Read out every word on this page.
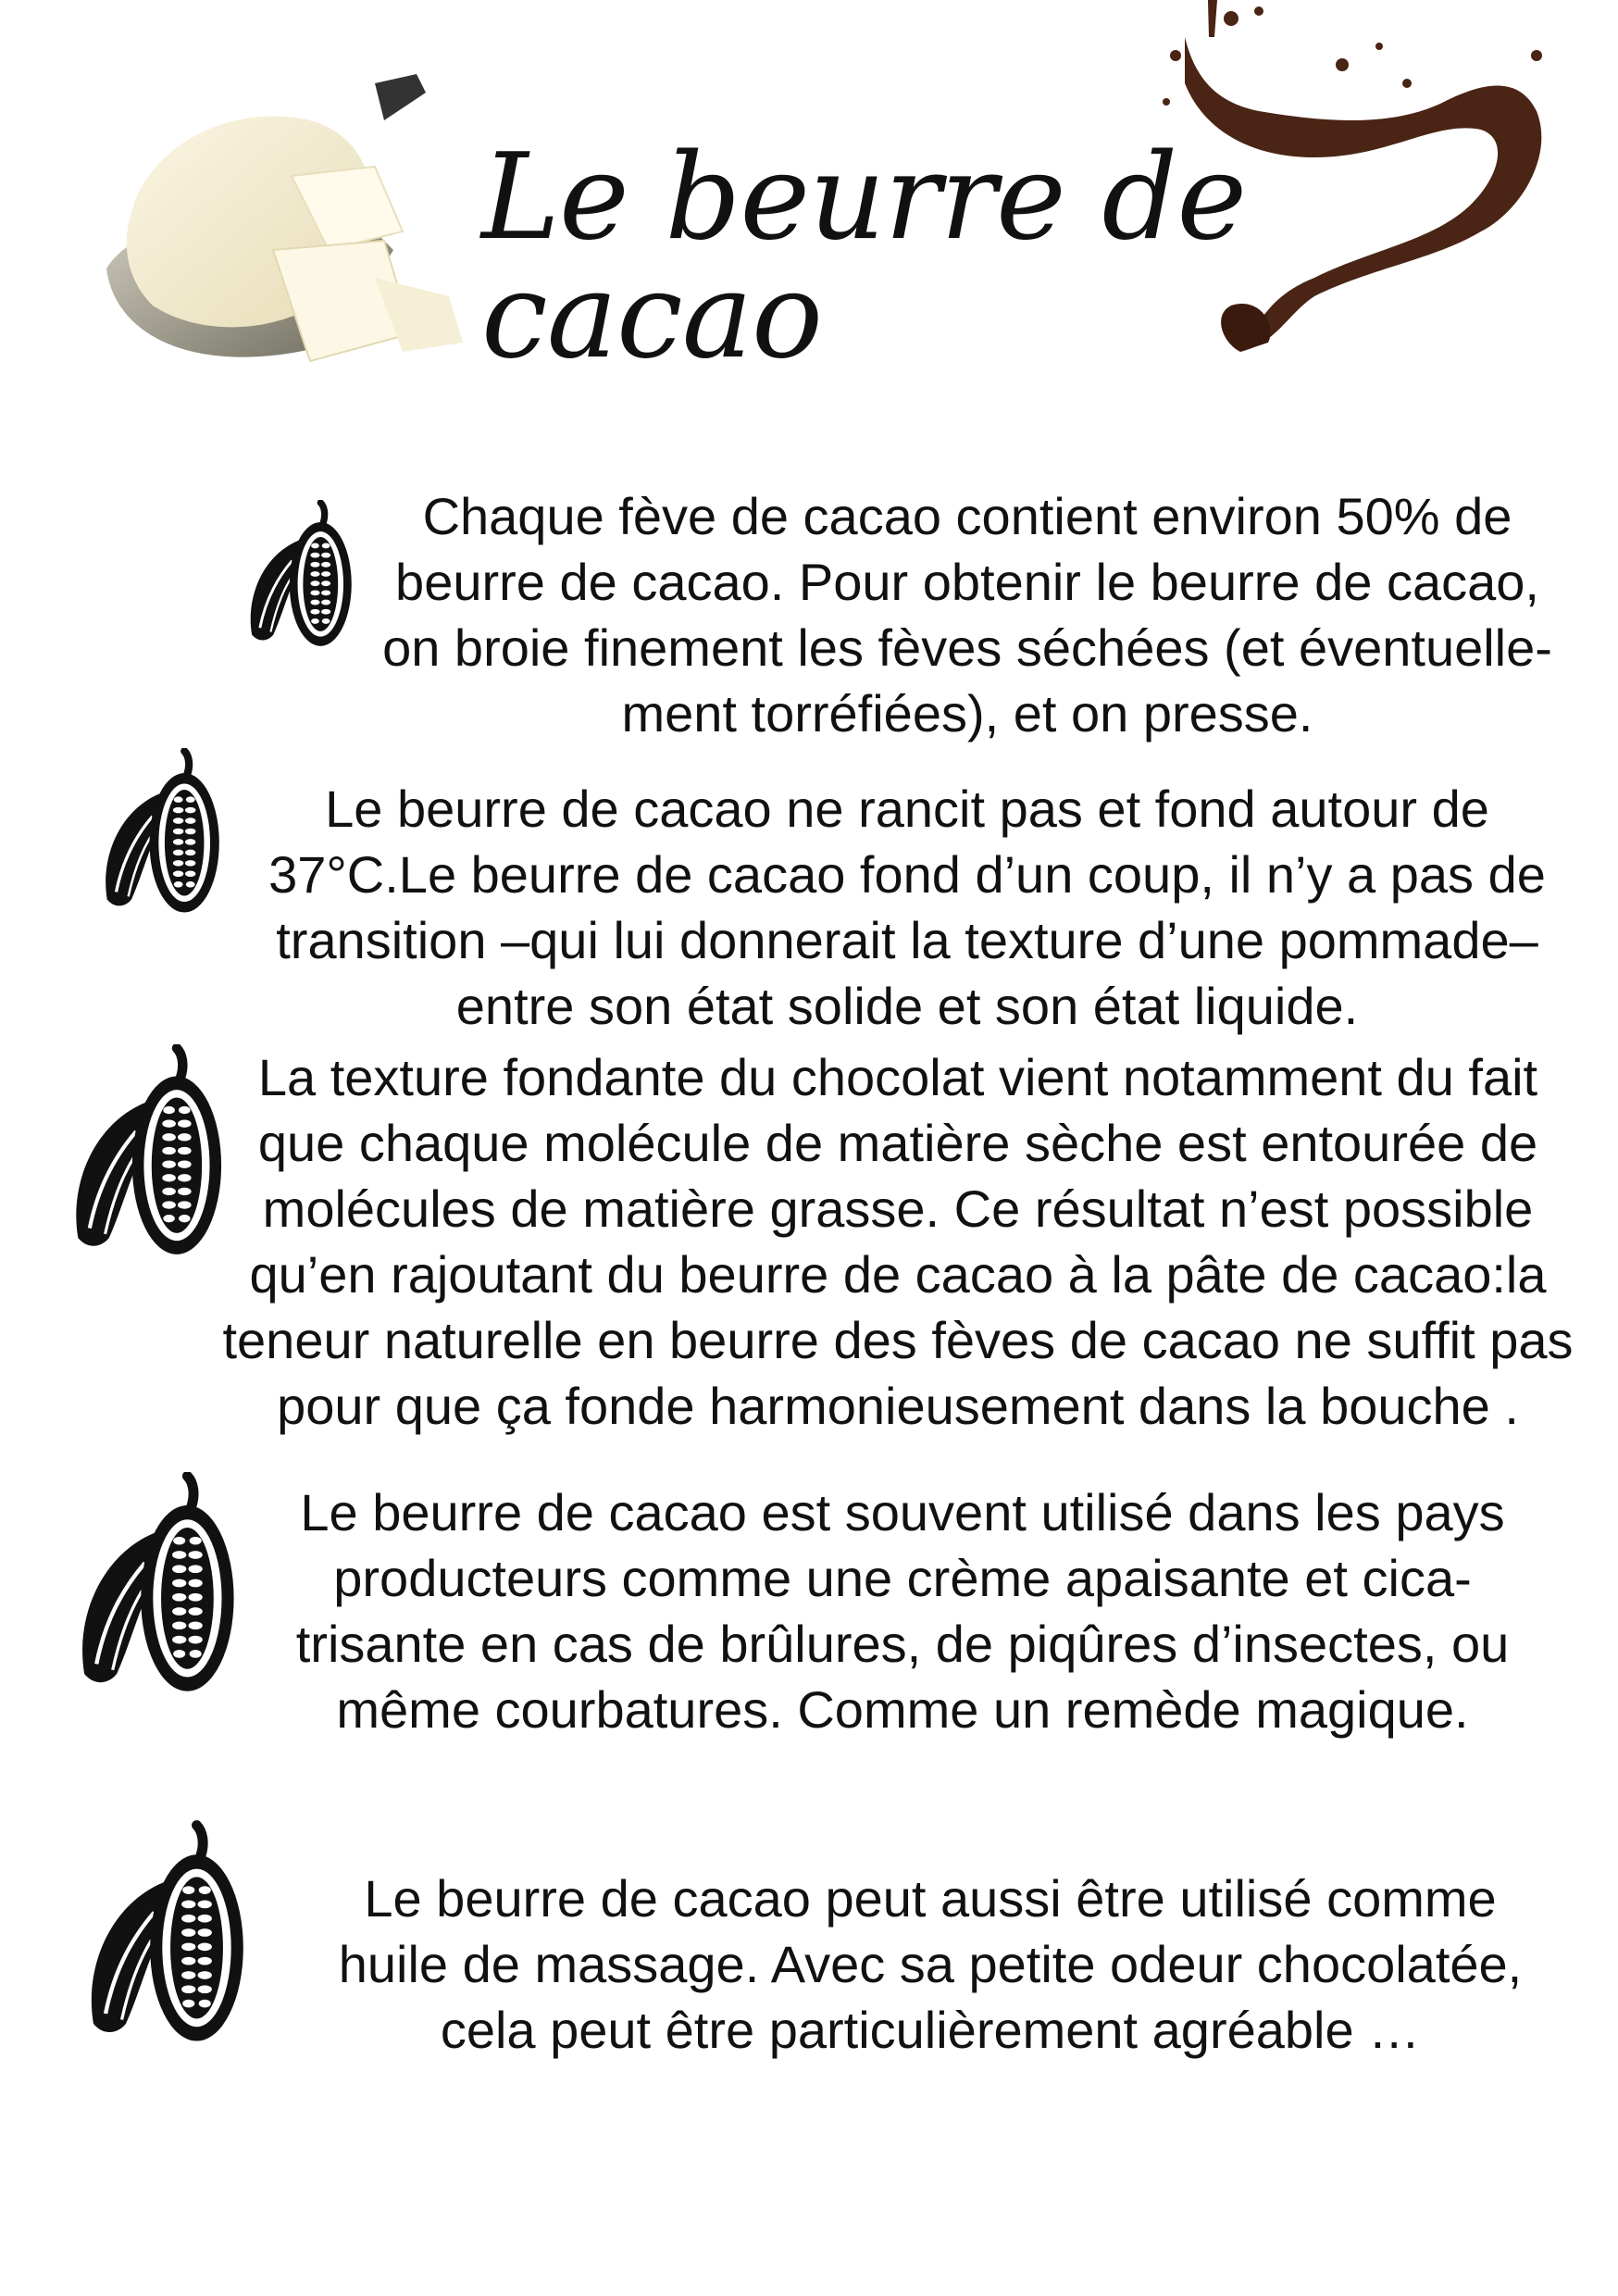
Le beurre de cacao
Chaque fève de cacao contient environ 50% de
beurre de cacao. Pour obtenir le beurre de cacao,
on broie finement les fèves séchées (et éventuelle-
ment torréfiées), et on presse.
Le beurre de cacao ne rancit pas et fond autour de
37°C.Le beurre de cacao fond d’un coup, il n’y a pas de
transition –qui lui donnerait la texture d’une pommade–
entre son état solide et son état liquide.
La texture fondante du chocolat vient notamment du fait
que chaque molécule de matière sèche est entourée de
molécules de matière grasse. Ce résultat n’est possible
qu’en rajoutant du beurre de cacao à la pâte de cacao:la
teneur naturelle en beurre des fèves de cacao ne suffit pas
pour que ça fonde harmonieusement dans la bouche .
Le beurre de cacao est souvent utilisé dans les pays
producteurs comme une crème apaisante et cica-
trisante en cas de brûlures, de piqûres d’insectes, ou
même courbatures. Comme un remède magique.
Le beurre de cacao peut aussi être utilisé comme
huile de massage. Avec sa petite odeur chocolatée,
cela peut être particulièrement agréable …
